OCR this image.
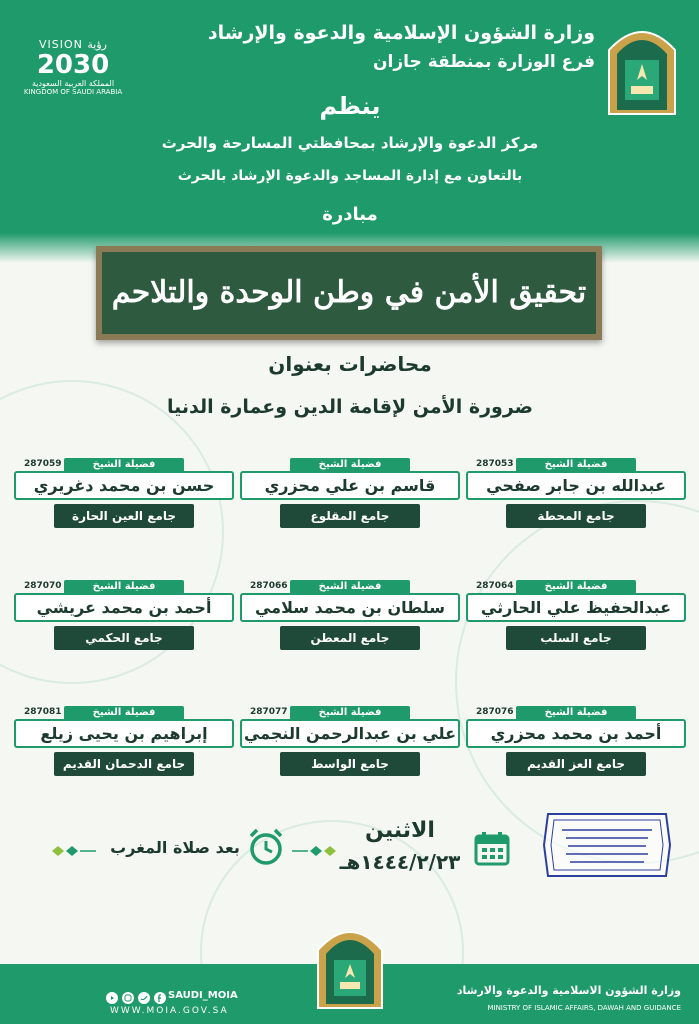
VISION رؤية
2030
المملكة العربية السعودية
KINGDOM OF SAUDI ARABIA
وزارة الشؤون الإسلامية والدعوة والإرشاد
فرع الوزارة بمنطقة جازان
ينظم
مركز الدعوة والإرشاد بمحافظتي المسارحة والحرث
بالتعاون مع إدارة المساجد والدعوة الإرشاد بالحرث
مبادرة
تحقيق الأمن في وطن الوحدة والتلاحم
محاضرات بعنوان
ضرورة الأمن لإقامة الدين وعمارة الدنيا
فضيلة الشيخ
287053
عبدالله بن جابر صفحي
جامع المحطة
فضيلة الشيخ
قاسم بن علي محزري
جامع المقلوع
فضيلة الشيخ
287059
حسن بن محمد دغريري
جامع العين الحارة
فضيلة الشيخ
287064
عبدالحفيظ علي الحارثي
جامع السلب
فضيلة الشيخ
287066
سلطان بن محمد سلامي
جامع المعطن
فضيلة الشيخ
287070
أحمد بن محمد عريشي
جامع الحكمي
فضيلة الشيخ
287076
أحمد بن محمد محزري
جامع العز القديم
فضيلة الشيخ
287077
علي بن عبدالرحمن النجمي
جامع الواسط
فضيلة الشيخ
287081
إبراهيم بن يحيى زيلع
جامع الدحمان القديم
الاثنين
١٤٤٤/٢/٢٣هـ
بعد صلاة المغرب
وزارة الشؤون الاسلامية والدعوة والارشاد
MINISTRY OF ISLAMIC AFFAIRS, DAWAH AND GUIDANCE
SAUDI_MOIA
WWW.MOIA.GOV.SA
